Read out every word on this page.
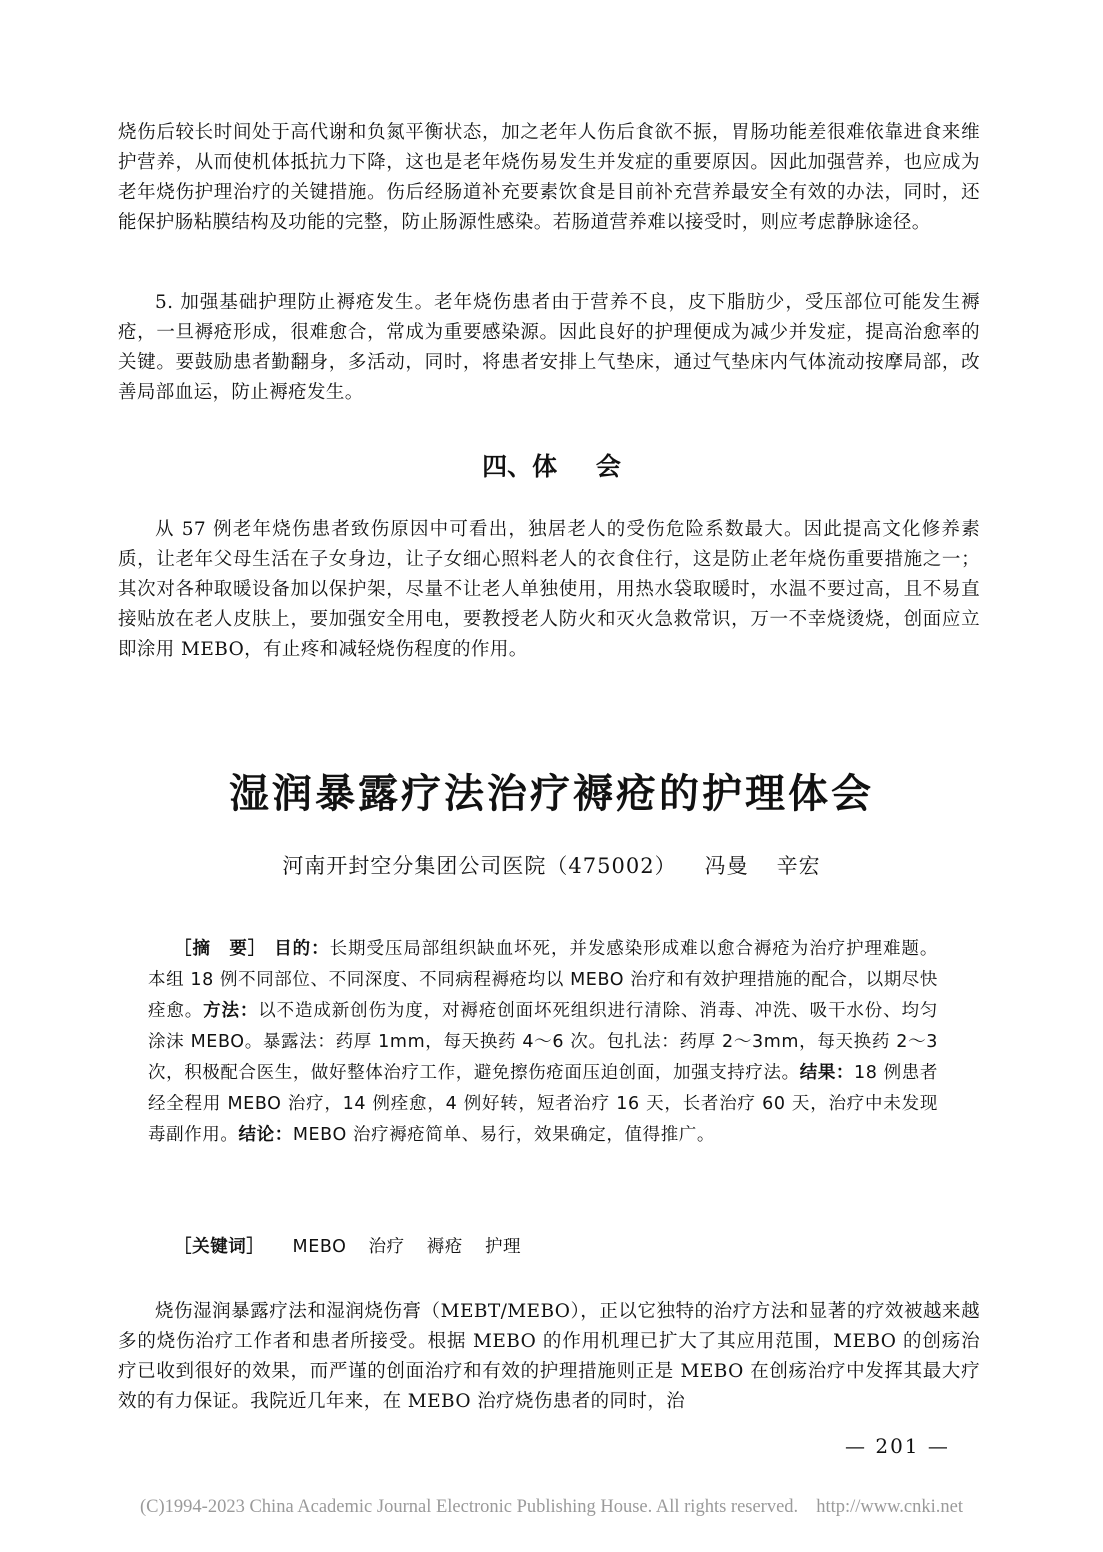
烧伤后较长时间处于高代谢和负氮平衡状态，加之老年人伤后食欲不振，胃肠功能差很难依靠进食来维护营养，从而使机体抵抗力下降，这也是老年烧伤易发生并发症的重要原因。因此加强营养，也应成为老年烧伤护理治疗的关键措施。伤后经肠道补充要素饮食是目前补充营养最安全有效的办法，同时，还能保护肠粘膜结构及功能的完整，防止肠源性感染。若肠道营养难以接受时，则应考虑静脉途径。

5. 加强基础护理防止褥疮发生。老年烧伤患者由于营养不良，皮下脂肪少，受压部位可能发生褥疮，一旦褥疮形成，很难愈合，常成为重要感染源。因此良好的护理便成为减少并发症，提高治愈率的关键。要鼓励患者勤翻身，多活动，同时，将患者安排上气垫床，通过气垫床内气体流动按摩局部，改善局部血运，防止褥疮发生。

四、体 会

从 57 例老年烧伤患者致伤原因中可看出，独居老人的受伤危险系数最大。因此提高文化修养素质，让老年父母生活在子女身边，让子女细心照料老人的衣食住行，这是防止老年烧伤重要措施之一；其次对各种取暖设备加以保护架，尽量不让老人单独使用，用热水袋取暖时，水温不要过高，且不易直接贴放在老人皮肤上，要加强安全用电，要教授老人防火和灭火急救常识，万一不幸烧烫烧，创面应立即涂用 MEBO，有止疼和减轻烧伤程度的作用。

湿润暴露疗法治疗褥疮的护理体会
河南开封空分集团公司医院（475002） 冯曼 辛宏
［摘　要］ 目的：长期受压局部组织缺血坏死，并发感染形成难以愈合褥疮为治疗护理难题。本组 18 例不同部位、不同深度、不同病程褥疮均以 MEBO 治疗和有效护理措施的配合，以期尽快痊愈。方法：以不造成新创伤为度，对褥疮创面坏死组织进行清除、消毒、冲洗、吸干水份、均匀涂沫 MEBO。暴露法：药厚 1mm，每天换药 4～6 次。包扎法：药厚 2～3mm，每天换药 2～3 次，积极配合医生，做好整体治疗工作，避免擦伤疮面压迫创面，加强支持疗法。结果：18 例患者经全程用 MEBO 治疗，14 例痊愈，4 例好转，短者治疗 16 天，长者治疗 60 天，治疗中未发现毒副作用。结论：MEBO 治疗褥疮简单、易行，效果确定，值得推广。
［关键词］ MEBO 治疗 褥疮 护理

烧伤湿润暴露疗法和湿润烧伤膏（MEBT/MEBO），正以它独特的治疗方法和显著的疗效被越来越多的烧伤治疗工作者和患者所接受。根据 MEBO 的作用机理已扩大了其应用范围，MEBO 的创疡治疗已收到很好的效果，而严谨的创面治疗和有效的护理措施则正是 MEBO 在创疡治疗中发挥其最大疗效的有力保证。我院近几年来，在 MEBO 治疗烧伤患者的同时，治

— 201 —
(C)1994-2023 China Academic Journal Electronic Publishing House. All rights reserved. http://www.cnki.net
